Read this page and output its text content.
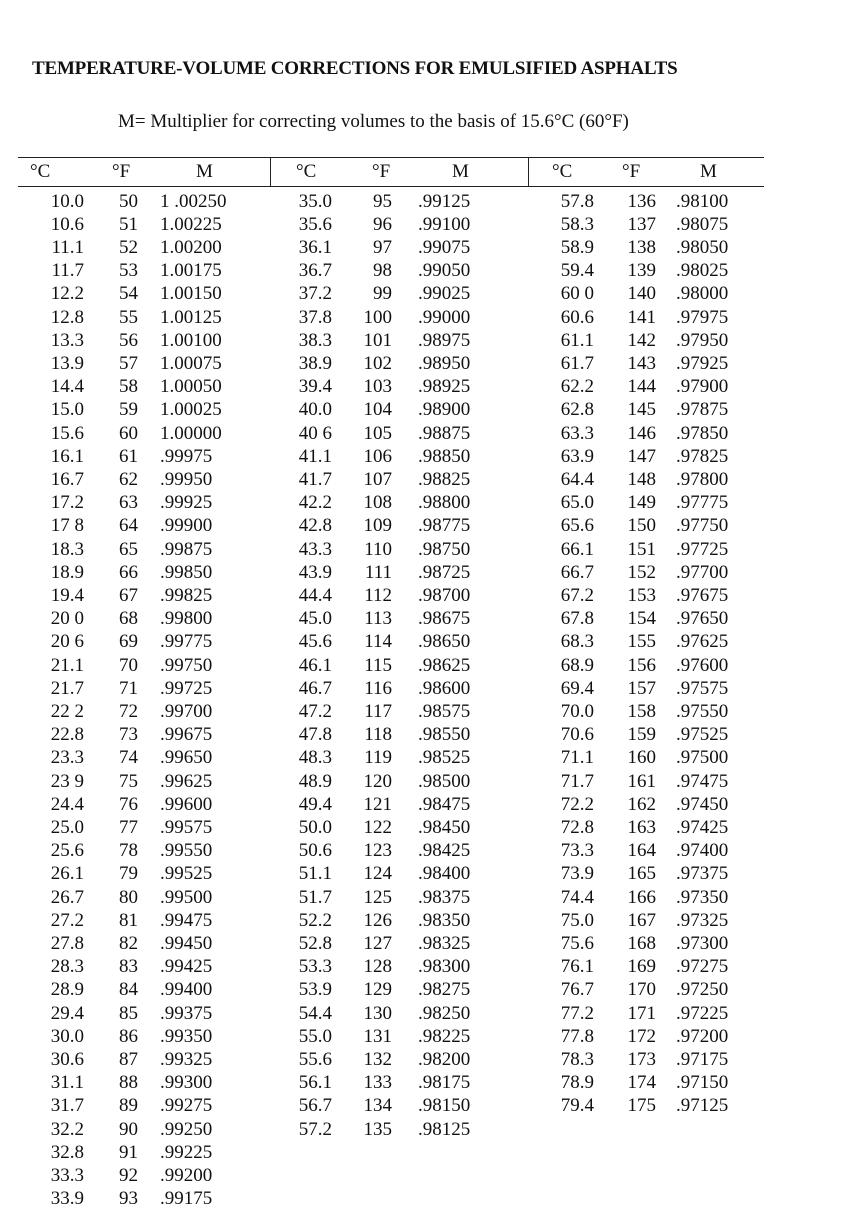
TEMPERATURE-VOLUME CORRECTIONS FOR EMULSIFIED ASPHALTS

M= Multiplier for correcting volumes to the basis of 15.6°C (60°F)

°C	°F	M
10.0	50 1 .00250
10.6	51 1.00225
11.1	52 1.00200
11.7	53 1.00175
12.2	54 1.00150
12.8	55 1.00125
13.3	56 1.00100
13.9	57 1.00075
14.4	58 1.00050
15.0	59 1.00025
15.6	60 1.00000
16.1	61 .99975
16.7	62 .99950
17.2	63 .99925
17 8	64 .99900
18.3	65 .99875
18.9	66 .99850
19.4	67 .99825
20 0	68 .99800
20 6	69 .99775
21.1	70 .99750
21.7	71 .99725
22 2	72 .99700
22.8	73 .99675
23.3	74 .99650
23 9	75 .99625
24.4	76 .99600
25.0	77 .99575
25.6	78 .99550
26.1	79 .99525
26.7	80 .99500
27.2	81 .99475
27.8	82 .99450
28.3	83 .99425
28.9	84 .99400
29.4	85 .99375
30.0	86 .99350
30.6	87 .99325
31.1	88 .99300
31.7	89 .99275
32.2	90 .99250
32.8	91 .99225
33.3	92 .99200
33.9	93 .99175
°C	°F	M
35.0	95 .99125
35.6	96 .99100
36.1	97 .99075
36.7	98 .99050
37.2	99 .99025
37.8	100 .99000
38.3	101 .98975
38.9	102 .98950
39.4	103 .98925
40.0	104 .98900
40 6	105 .98875
41.1	106 .98850
41.7	107 .98825
42.2	108 .98800
42.8	109 .98775
43.3	110 .98750
43.9	111 .98725
44.4	112 .98700
45.0	113 .98675
45.6	114 .98650
46.1	115 .98625
46.7	116 .98600
47.2	117 .98575
47.8	118 .98550
48.3	119 .98525
48.9	120 .98500
49.4	121 .98475
50.0	122 .98450
50.6	123 .98425
51.1	124 .98400
51.7	125 .98375
52.2	126 .98350
52.8	127 .98325
53.3	128 .98300
53.9	129 .98275
54.4	130 .98250
55.0	131 .98225
55.6	132 .98200
56.1	133 .98175
56.7	134 .98150
57.2	135 .98125
°C	°F	M
57.8	136 .98100
58.3	137 .98075
58.9	138 .98050
59.4	139 .98025
60 0	140 .98000
60.6	141 .97975
61.1	142 .97950
61.7	143 .97925
62.2	144 .97900
62.8	145 .97875
63.3	146 .97850
63.9	147 .97825
64.4	148 .97800
65.0	149 .97775
65.6	150 .97750
66.1	151 .97725
66.7	152 .97700
67.2	153 .97675
67.8	154 .97650
68.3	155 .97625
68.9	156 .97600
69.4	157 .97575
70.0	158 .97550
70.6	159 .97525
71.1	160 .97500
71.7	161 .97475
72.2	162 .97450
72.8	163 .97425
73.3	164 .97400
73.9	165 .97375
74.4	166 .97350
75.0	167 .97325
75.6	168 .97300
76.1	169 .97275
76.7	170 .97250
77.2	171 .97225
77.8	172 .97200
78.3	173 .97175
78.9	174 .97150
79.4	175 .97125
